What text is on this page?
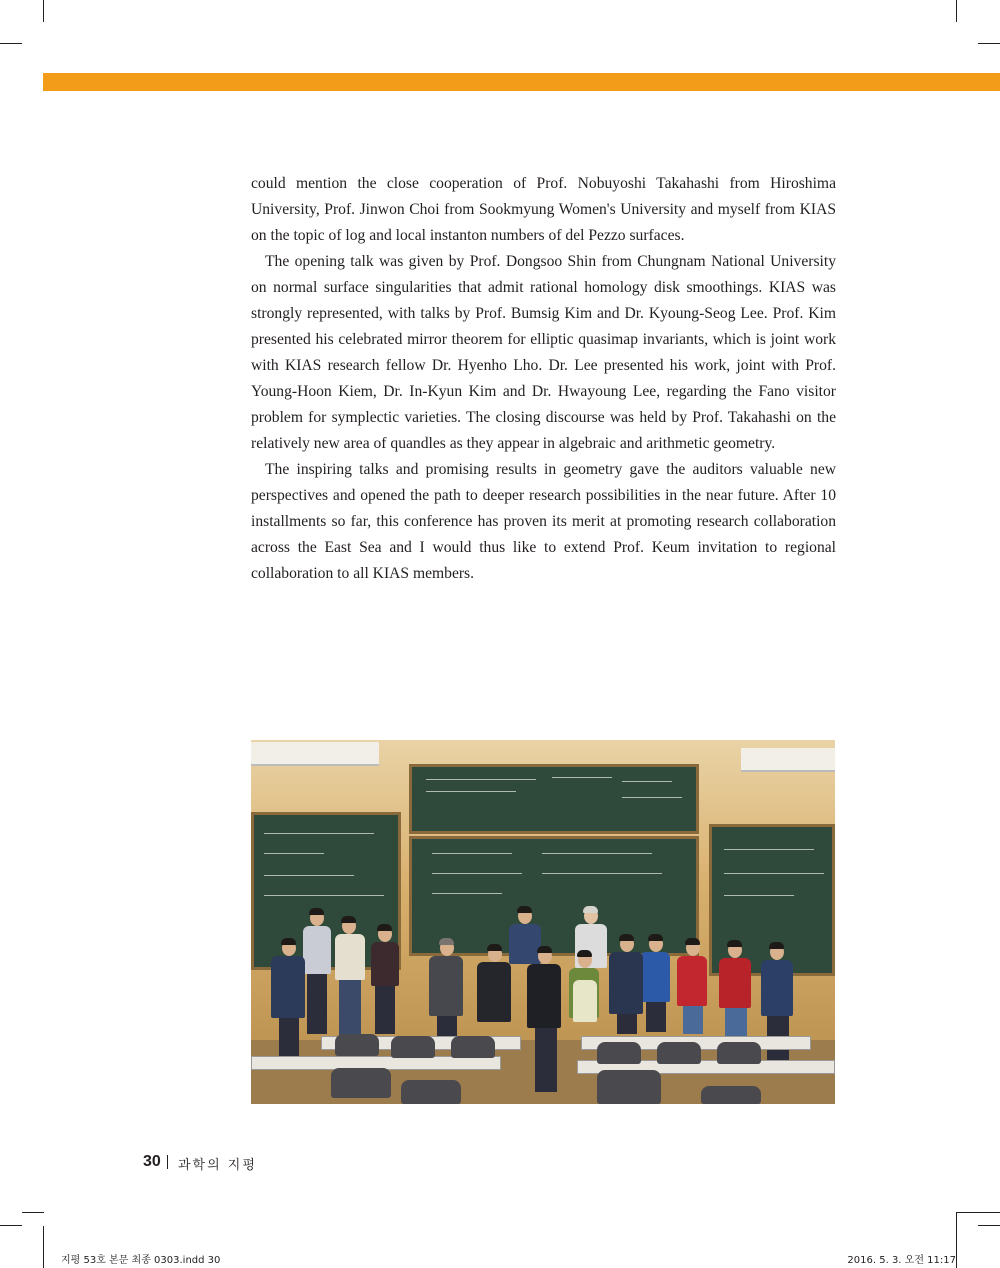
could mention the close cooperation of Prof. Nobuyoshi Takahashi from Hiroshima University, Prof. Jinwon Choi from Sookmyung Women's University and myself from KIAS on the topic of log and local instanton numbers of del Pezzo surfaces.

The opening talk was given by Prof. Dongsoo Shin from Chungnam National University on normal surface singularities that admit rational homology disk smoothings. KIAS was strongly represented, with talks by Prof. Bumsig Kim and Dr. Kyoung-Seog Lee. Prof. Kim presented his celebrated mirror theorem for elliptic quasimap invariants, which is joint work with KIAS research fellow Dr. Hyenho Lho. Dr. Lee presented his work, joint with Prof. Young-Hoon Kiem, Dr. In-Kyun Kim and Dr. Hwayoung Lee, regarding the Fano visitor problem for symplectic varieties. The closing discourse was held by Prof. Takahashi on the relatively new area of quandles as they appear in algebraic and arithmetic geometry.

The inspiring talks and promising results in geometry gave the auditors valuable new perspectives and opened the path to deeper research possibilities in the near future. After 10 installments so far, this conference has proven its merit at promoting research collaboration across the East Sea and I would thus like to extend Prof. Keum invitation to regional collaboration to all KIAS members.

30 과학의 지평
지평 53호 본문 최종 0303.indd 30	2016. 5. 3. 오전 11:17
